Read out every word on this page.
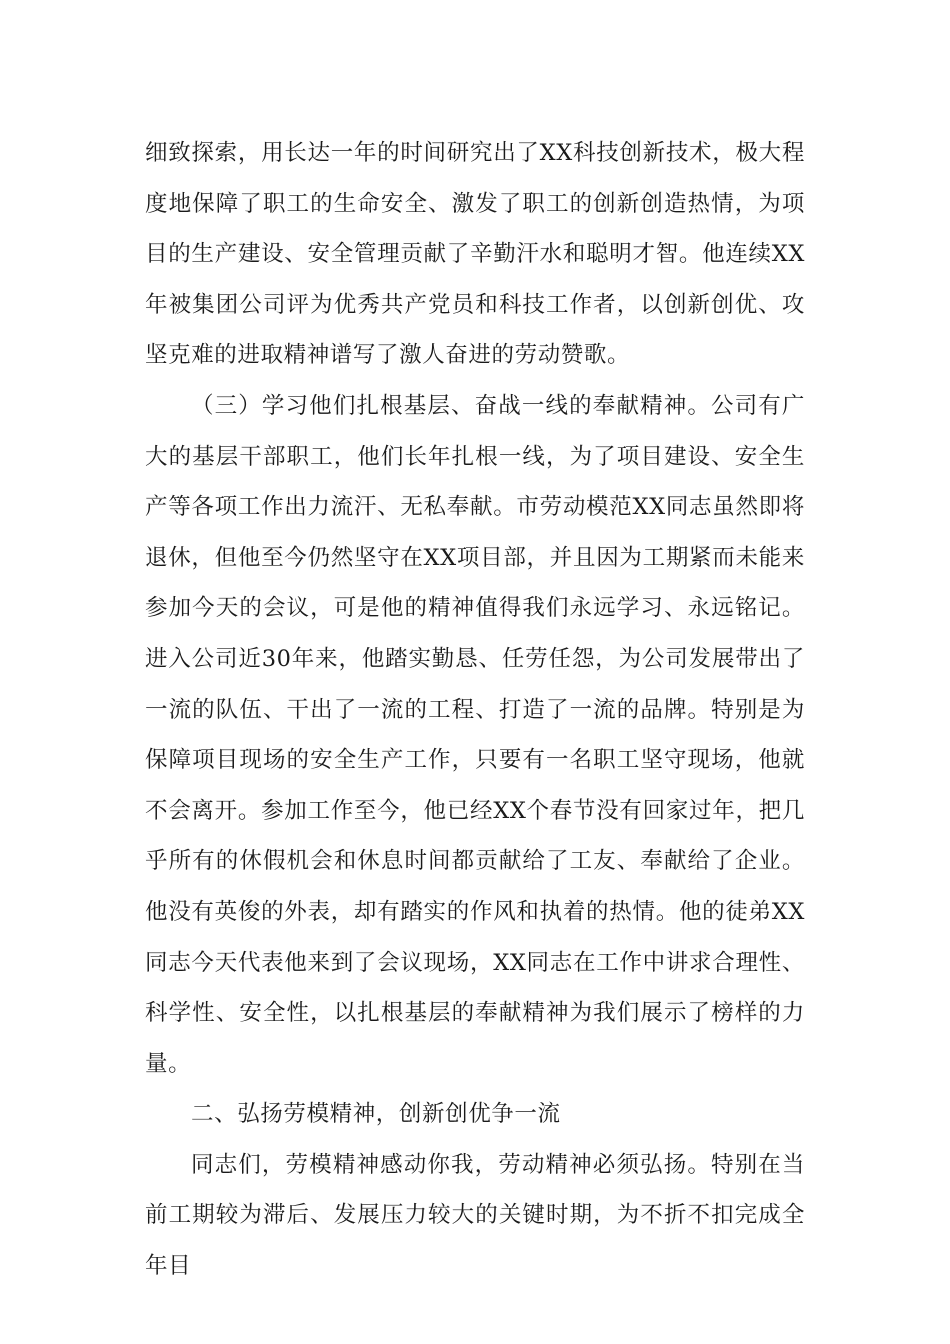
细致探索，用长达一年的时间研究出了XX科技创新技术，极大程度地保障了职工的生命安全、激发了职工的创新创造热情，为项目的生产建设、安全管理贡献了辛勤汗水和聪明才智。他连续XX年被集团公司评为优秀共产党员和科技工作者，以创新创优、攻坚克难的进取精神谱写了激人奋进的劳动赞歌。

（三）学习他们扎根基层、奋战一线的奉献精神。公司有广大的基层干部职工，他们长年扎根一线，为了项目建设、安全生产等各项工作出力流汗、无私奉献。市劳动模范XX同志虽然即将退休，但他至今仍然坚守在XX项目部，并且因为工期紧而未能来参加今天的会议，可是他的精神值得我们永远学习、永远铭记。进入公司近30年来，他踏实勤恳、任劳任怨，为公司发展带出了一流的队伍、干出了一流的工程、打造了一流的品牌。特别是为保障项目现场的安全生产工作，只要有一名职工坚守现场，他就不会离开。参加工作至今，他已经XX个春节没有回家过年，把几乎所有的休假机会和休息时间都贡献给了工友、奉献给了企业。他没有英俊的外表，却有踏实的作风和执着的热情。他的徒弟XX同志今天代表他来到了会议现场，XX同志在工作中讲求合理性、科学性、安全性，以扎根基层的奉献精神为我们展示了榜样的力量。

二、弘扬劳模精神，创新创优争一流

同志们，劳模精神感动你我，劳动精神必须弘扬。特别在当前工期较为滞后、发展压力较大的关键时期，为不折不扣完成全年目
